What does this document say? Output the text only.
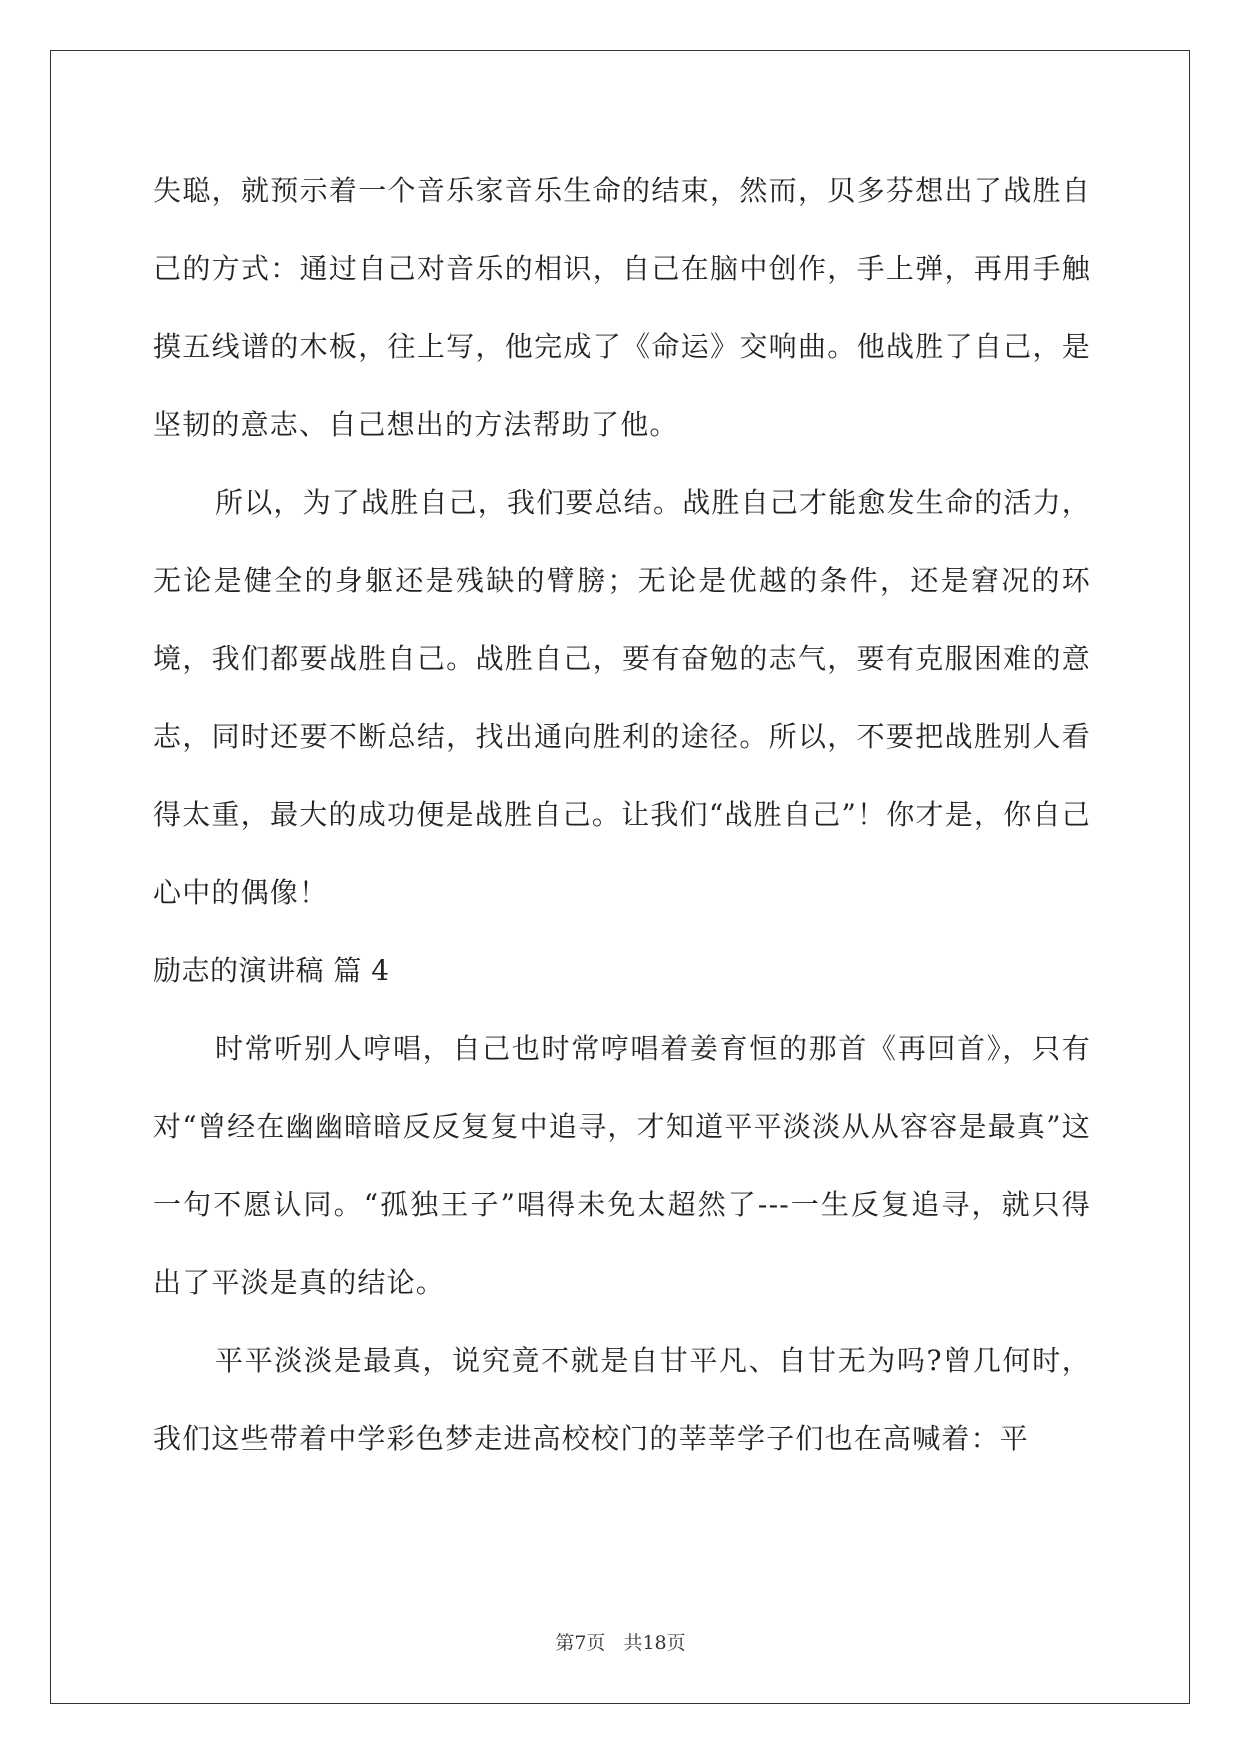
失聪，就预示着一个音乐家音乐生命的结束，然而，贝多芬想出了战胜自己的方式：通过自己对音乐的相识，自己在脑中创作，手上弹，再用手触摸五线谱的木板，往上写，他完成了《命运》交响曲。他战胜了自己，是坚韧的意志、自己想出的方法帮助了他。

所以，为了战胜自己，我们要总结。战胜自己才能愈发生命的活力，无论是健全的身躯还是残缺的臂膀；无论是优越的条件，还是窘况的环境，我们都要战胜自己。战胜自己，要有奋勉的志气，要有克服困难的意志，同时还要不断总结，找出通向胜利的途径。所以，不要把战胜别人看得太重，最大的成功便是战胜自己。让我们“战胜自己”！你才是，你自己心中的偶像！

励志的演讲稿 篇 4

时常听别人哼唱，自己也时常哼唱着姜育恒的那首《再回首》，只有对“曾经在幽幽暗暗反反复复中追寻，才知道平平淡淡从从容容是最真”这一句不愿认同。“孤独王子”唱得未免太超然了---一生反复追寻，就只得出了平淡是真的结论。

平平淡淡是最真，说究竟不就是自甘平凡、自甘无为吗?曾几何时，我们这些带着中学彩色梦走进高校校门的莘莘学子们也在高喊着：平

第7页 共18页
